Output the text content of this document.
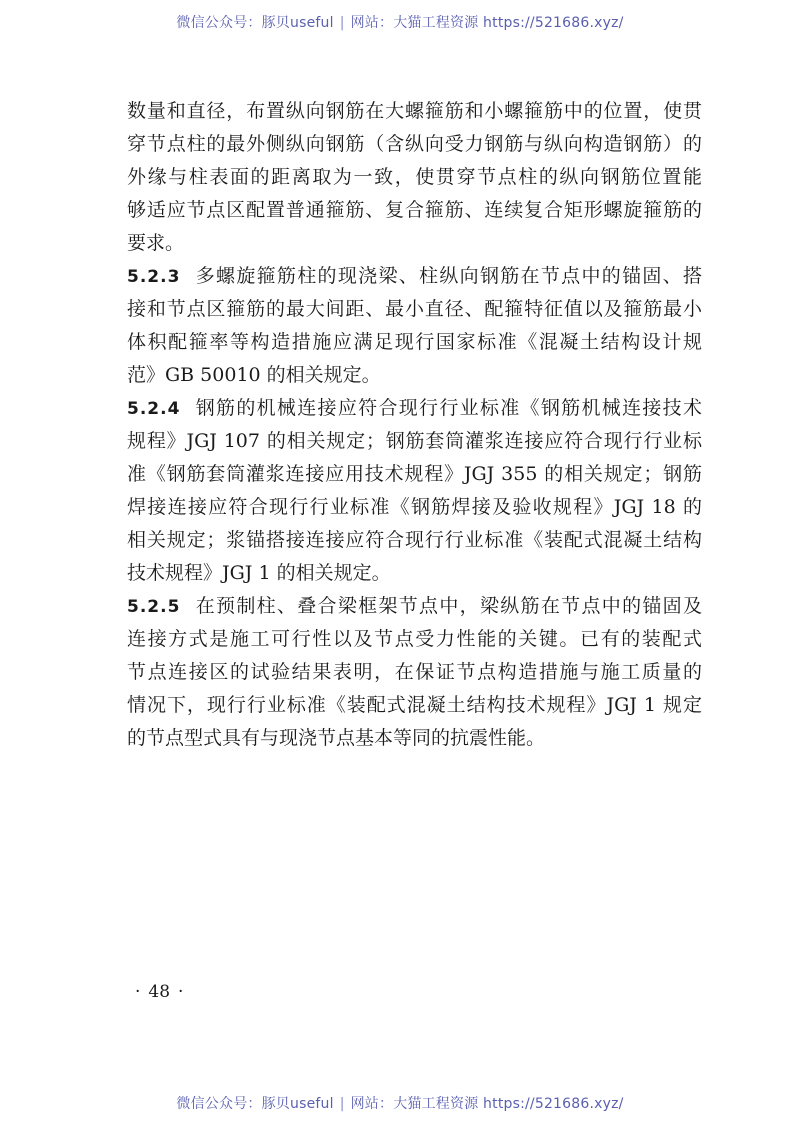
微信公众号：豚贝useful | 网站：大猫工程资源 https://521686.xyz/
数量和直径，布置纵向钢筋在大螺箍筋和小螺箍筋中的位置，使贯
穿节点柱的最外侧纵向钢筋（含纵向受力钢筋与纵向构造钢筋）的
外缘与柱表面的距离取为一致，使贯穿节点柱的纵向钢筋位置能
够适应节点区配置普通箍筋、复合箍筋、连续复合矩形螺旋箍筋的
要求。
5.2.3 多螺旋箍筋柱的现浇梁、柱纵向钢筋在节点中的锚固、搭
接和节点区箍筋的最大间距、最小直径、配箍特征值以及箍筋最小
体积配箍率等构造措施应满足现行国家标准《混凝土结构设计规
范》GB 50010 的相关规定。
5.2.4 钢筋的机械连接应符合现行行业标准《钢筋机械连接技术
规程》JGJ 107 的相关规定；钢筋套筒灌浆连接应符合现行行业标
准《钢筋套筒灌浆连接应用技术规程》JGJ 355 的相关规定；钢筋
焊接连接应符合现行行业标准《钢筋焊接及验收规程》JGJ 18 的
相关规定；浆锚搭接连接应符合现行行业标准《装配式混凝土结构
技术规程》JGJ 1 的相关规定。
5.2.5 在预制柱、叠合梁框架节点中，梁纵筋在节点中的锚固及
连接方式是施工可行性以及节点受力性能的关键。已有的装配式
节点连接区的试验结果表明，在保证节点构造措施与施工质量的
情况下，现行行业标准《装配式混凝土结构技术规程》JGJ 1 规定
的节点型式具有与现浇节点基本等同的抗震性能。
· 48 ·
微信公众号：豚贝useful | 网站：大猫工程资源 https://521686.xyz/
